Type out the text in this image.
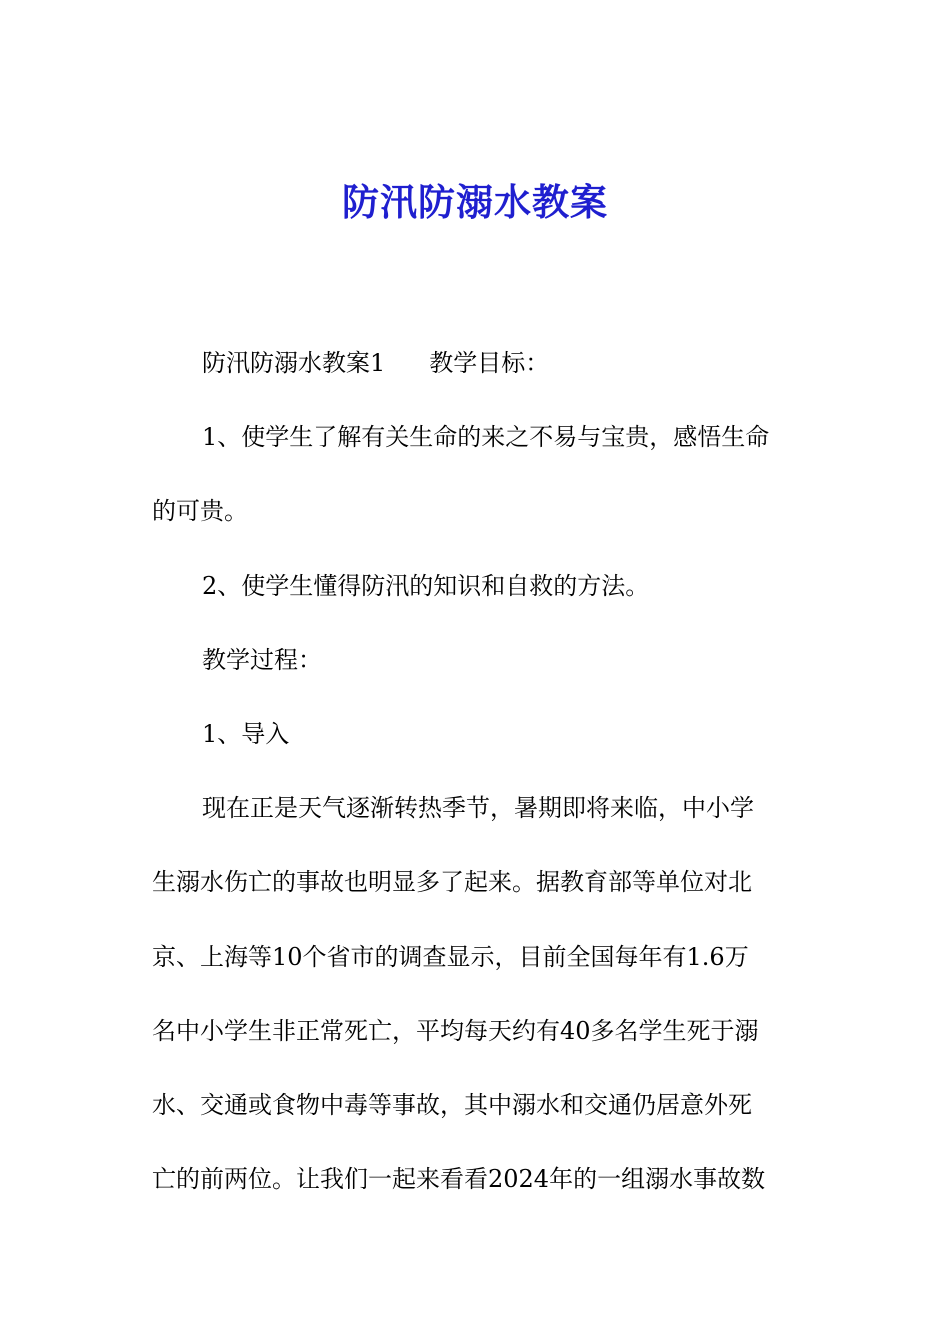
防汛防溺水教案

防汛防溺水教案1 教学目标：

1、使学生了解有关生命的来之不易与宝贵，感悟生命

的可贵。

2、使学生懂得防汛的知识和自救的方法。

教学过程：

1、导入

现在正是天气逐渐转热季节，暑期即将来临，中小学

生溺水伤亡的事故也明显多了起来。据教育部等单位对北

京、上海等10个省市的调查显示，目前全国每年有1.6万

名中小学生非正常死亡，平均每天约有40多名学生死于溺

水、交通或食物中毒等事故，其中溺水和交通仍居意外死

亡的前两位。让我们一起来看看2024年的一组溺水事故数
